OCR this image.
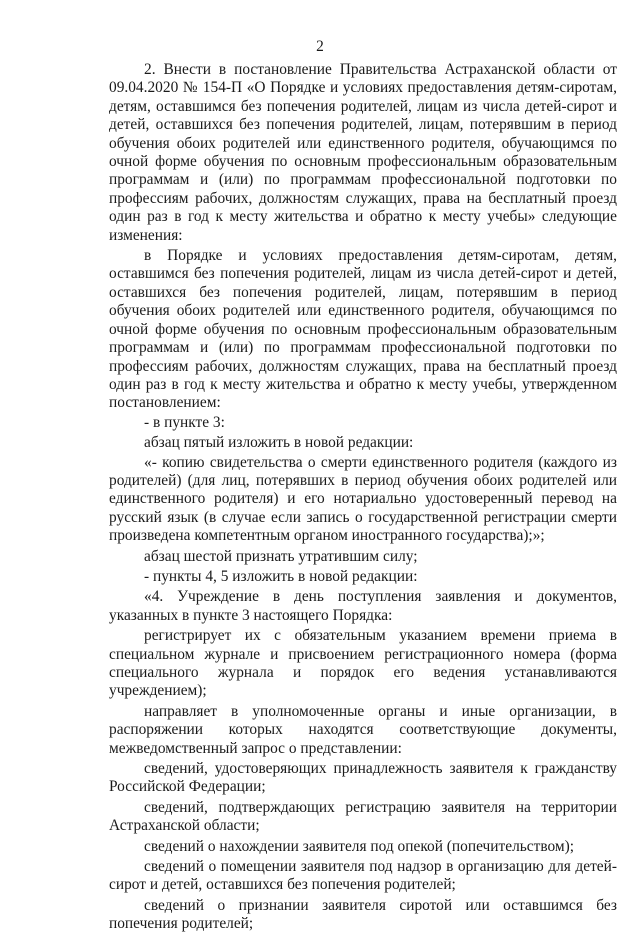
2

2. Внести в постановление Правительства Астраханской области от 09.04.2020 № 154-П «О Порядке и условиях предоставления детям-сиротам, детям, оставшимся без попечения родителей, лицам из числа детей-сирот и детей, оставшихся без попечения родителей, лицам, потерявшим в период обучения обоих родителей или единственного родителя, обучающимся по очной форме обучения по основным профессиональным образовательным программам и (или) по программам профессиональной подготовки по профессиям рабочих, должностям служащих, права на бесплатный проезд один раз в год к месту жительства и обратно к месту учебы» следующие изменения:

в Порядке и условиях предоставления детям-сиротам, детям, оставшимся без попечения родителей, лицам из числа детей-сирот и детей, оставшихся без попечения родителей, лицам, потерявшим в период обучения обоих родителей или единственного родителя, обучающимся по очной форме обучения по основным профессиональным образовательным программам и (или) по программам профессиональной подготовки по профессиям рабочих, должностям служащих, права на бесплатный проезд один раз в год к месту жительства и обратно к месту учебы, утвержденном постановлением:

- в пункте 3:

абзац пятый изложить в новой редакции:

«- копию свидетельства о смерти единственного родителя (каждого из родителей) (для лиц, потерявших в период обучения обоих родителей или единственного родителя) и его нотариально удостоверенный перевод на русский язык (в случае если запись о государственной регистрации смерти произведена компетентным органом иностранного государства);»;

абзац шестой признать утратившим силу;

- пункты 4, 5 изложить в новой редакции:

«4. Учреждение в день поступления заявления и документов, указанных в пункте 3 настоящего Порядка:

регистрирует их с обязательным указанием времени приема в специальном журнале и присвоением регистрационного номера (форма специального журнала и порядок его ведения устанавливаются учреждением);

направляет в уполномоченные органы и иные организации, в распоряжении которых находятся соответствующие документы, межведомственный запрос о представлении:

сведений, удостоверяющих принадлежность заявителя к гражданству Российской Федерации;

сведений, подтверждающих регистрацию заявителя на территории Астраханской области;

сведений о нахождении заявителя под опекой (попечительством);

сведений о помещении заявителя под надзор в организацию для детей-сирот и детей, оставшихся без попечения родителей;

сведений о признании заявителя сиротой или оставшимся без попечения родителей;
